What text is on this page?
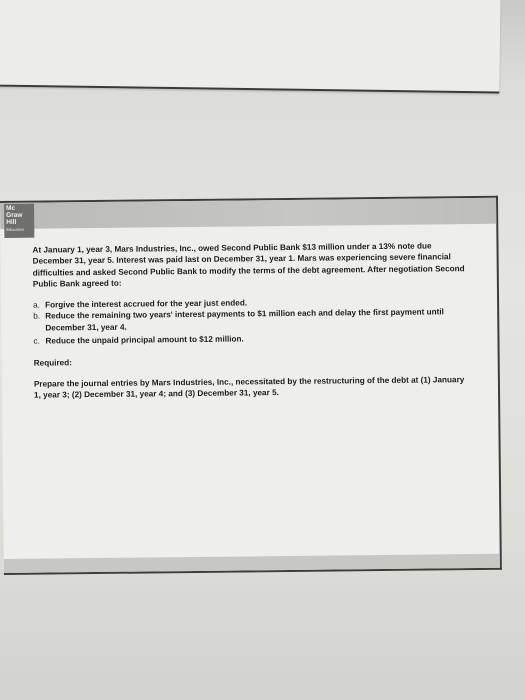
Mc
Graw
Hill
Education

At January 1, year 3, Mars Industries, Inc., owed Second Public Bank $13 million under a 13% note due December 31, year 5. Interest was paid last on December 31, year 1. Mars was experiencing severe financial difficulties and asked Second Public Bank to modify the terms of the debt agreement. After negotiation Second Public Bank agreed to:

a. Forgive the interest accrued for the year just ended.
b. Reduce the remaining two years' interest payments to $1 million each and delay the first payment until December 31, year 4.
c. Reduce the unpaid principal amount to $12 million.

Required:

Prepare the journal entries by Mars Industries, Inc., necessitated by the restructuring of the debt at (1) January 1, year 3; (2) December 31, year 4; and (3) December 31, year 5.
